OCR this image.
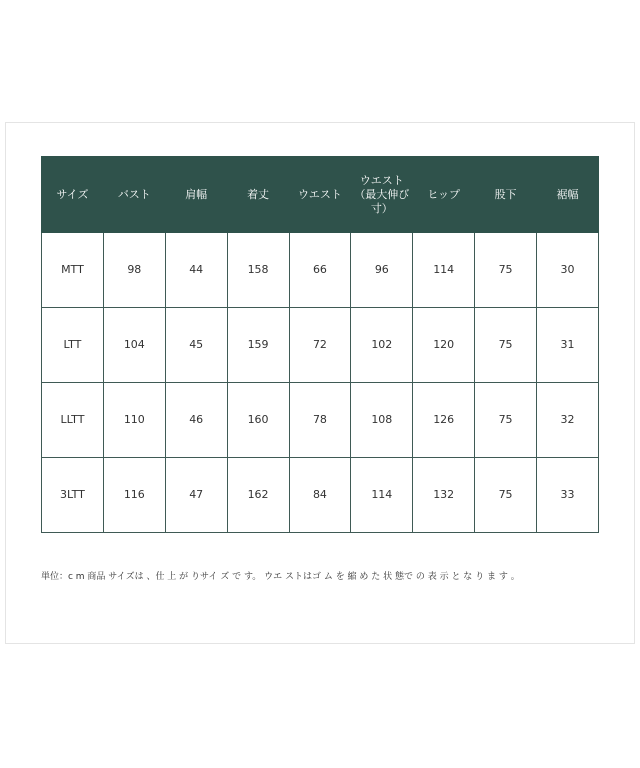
サイズ	バスト	肩幅	着丈	ウエスト	ウエスト（最大伸び寸）	ヒップ	股下	裾幅
MTT	98	44	158	66	96	114	75	30
LTT	104	45	159	72	102	120	75	31
LLTT	110	46	160	78	108	126	75	32
3LTT	116	47	162	84	114	132	75	33
単位：c m 商品 サイズは 、仕 上 が りサイ ズ で す。 ウエ ストはゴ ム を 縮 め た 状 態で の 表 示 と な り ま す 。
